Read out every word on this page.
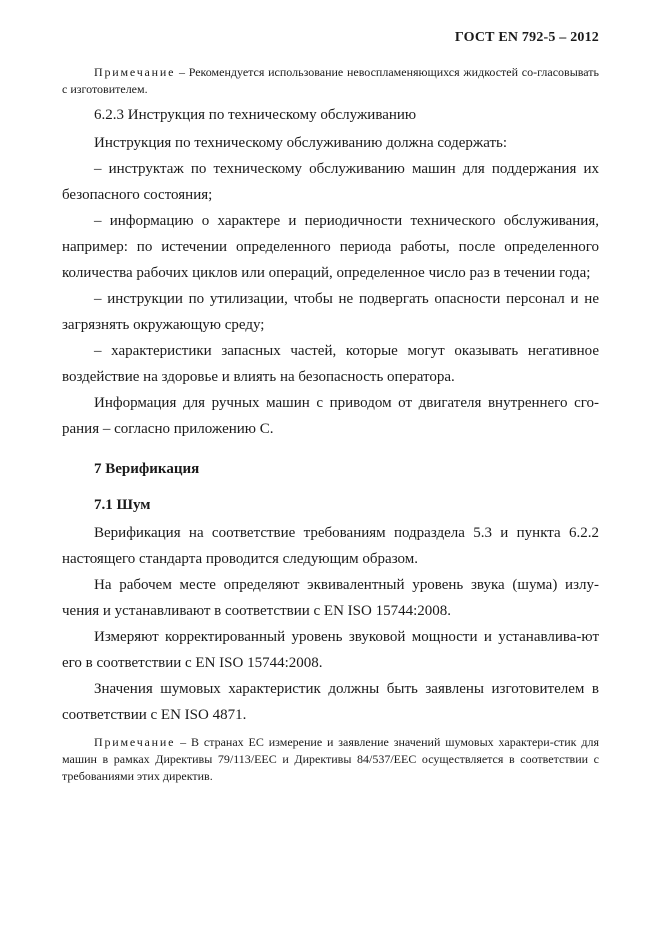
ГОСТ EN 792-5 – 2012

Примечание – Рекомендуется использование невоспламеняющихся жидкостей со-гласовывать с изготовителем.

6.2.3 Инструкция по техническому обслуживанию

Инструкция по техническому обслуживанию должна содержать:

– инструктаж по техническому обслуживанию машин для поддержания их безопасного состояния;

– информацию о характере и периодичности технического обслуживания, например: по истечении определенного периода работы, после определенного количества рабочих циклов или операций, определенное число раз в течении года;

– инструкции по утилизации, чтобы не подвергать опасности персонал и не загрязнять окружающую среду;

– характеристики запасных частей, которые могут оказывать негативное воздействие на здоровье и влиять на безопасность оператора.

Информация для ручных машин с приводом от двигателя внутреннего сго-рания – согласно приложению С.

7 Верификация

7.1 Шум

Верификация на соответствие требованиям подраздела 5.3 и пункта 6.2.2 настоящего стандарта проводится следующим образом.

На рабочем месте определяют эквивалентный уровень звука (шума) излу-чения и устанавливают в соответствии с EN ISO 15744:2008.

Измеряют корректированный уровень звуковой мощности и устанавлива-ют его в соответствии с EN ISO 15744:2008.

Значения шумовых характеристик должны быть заявлены изготовителем в соответствии с EN ISO 4871.

Примечание – В странах ЕС измерение и заявление значений шумовых характери-стик для машин в рамках Директивы 79/113/ЕЕС и Директивы 84/537/ЕЕС осуществляется в соответствии с требованиями этих директив.
